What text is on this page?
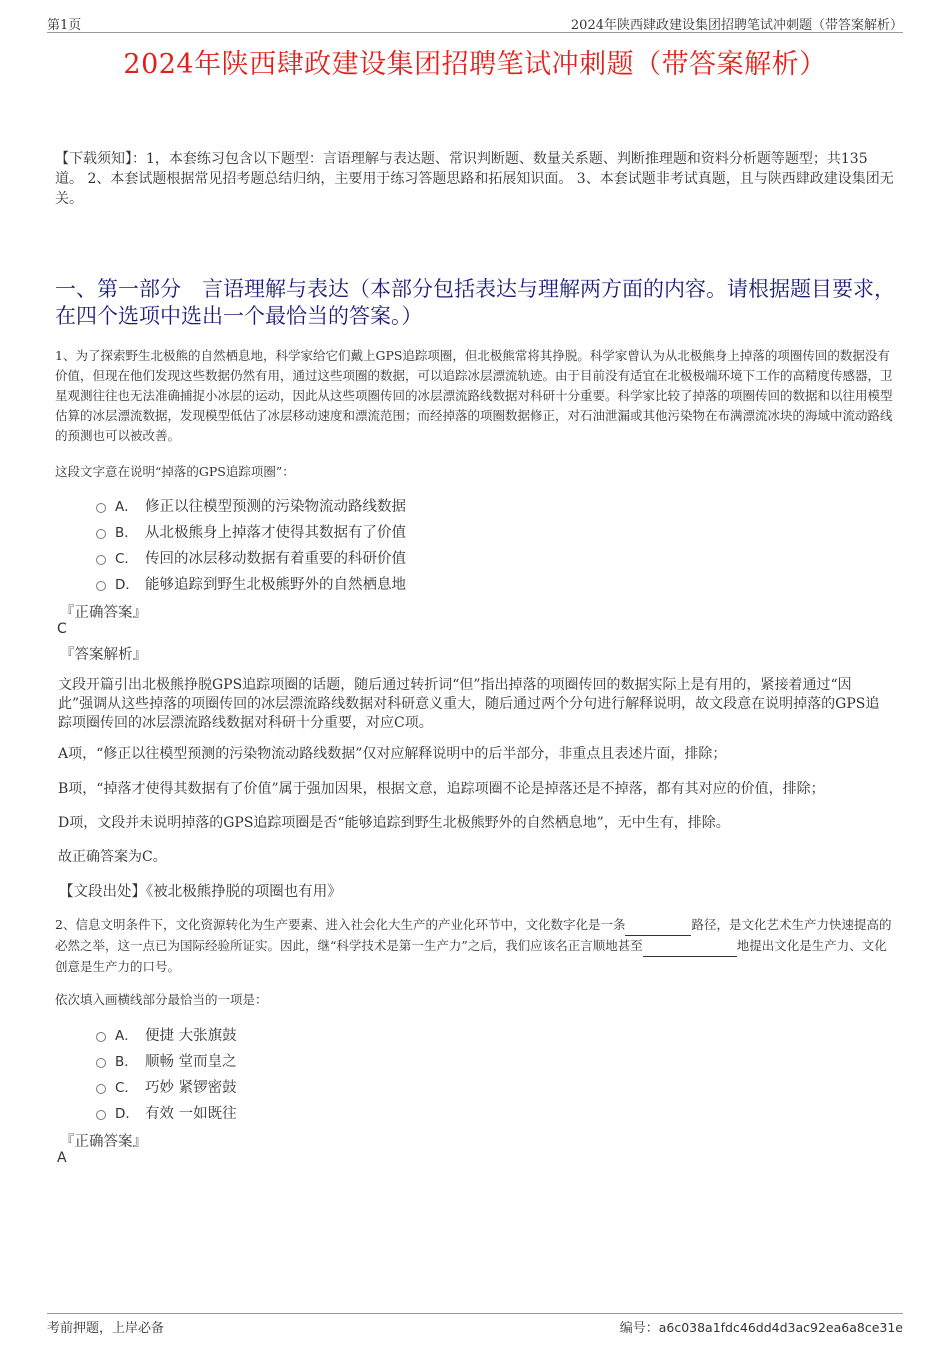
第1页	2024年陕西肆政建设集团招聘笔试冲刺题（带答案解析）
2024年陕西肆政建设集团招聘笔试冲刺题（带答案解析）
【下载须知】：1，本套练习包含以下题型：言语理解与表达题、常识判断题、数量关系题、判断推理题和资料分析题等题型；共135道。 2、本套试题根据常见招考题总结归纳，主要用于练习答题思路和拓展知识面。 3、本套试题非考试真题，且与陕西肆政建设集团无关。
一、第一部分　言语理解与表达（本部分包括表达与理解两方面的内容。请根据题目要求，在四个选项中选出一个最恰当的答案。）
1、为了探索野生北极熊的自然栖息地，科学家给它们戴上GPS追踪项圈，但北极熊常将其挣脱。科学家曾认为从北极熊身上掉落的项圈传回的数据没有价值，但现在他们发现这些数据仍然有用，通过这些项圈的数据，可以追踪冰层漂流轨迹。由于目前没有适宜在北极极端环境下工作的高精度传感器，卫星观测往往也无法准确捕捉小冰层的运动，因此从这些项圈传回的冰层漂流路线数据对科研十分重要。科学家比较了掉落的项圈传回的数据和以往用模型估算的冰层漂流数据，发现模型低估了冰层移动速度和漂流范围；而经掉落的项圈数据修正，对石油泄漏或其他污染物在布满漂流冰块的海域中流动路线的预测也可以被改善。
这段文字意在说明“掉落的GPS追踪项圈”：
A． 修正以往模型预测的污染物流动路线数据
B． 从北极熊身上掉落才使得其数据有了价值
C． 传回的冰层移动数据有着重要的科研价值
D． 能够追踪到野生北极熊野外的自然栖息地
『正确答案』
C
『答案解析』
文段开篇引出北极熊挣脱GPS追踪项圈的话题，随后通过转折词“但”指出掉落的项圈传回的数据实际上是有用的，紧接着通过“因此”强调从这些掉落的项圈传回的冰层漂流路线数据对科研意义重大，随后通过两个分句进行解释说明，故文段意在说明掉落的GPS追踪项圈传回的冰层漂流路线数据对科研十分重要，对应C项。
A项，“修正以往模型预测的污染物流动路线数据”仅对应解释说明中的后半部分，非重点且表述片面，排除；
B项，“掉落才使得其数据有了价值”属于强加因果，根据文意，追踪项圈不论是掉落还是不掉落，都有其对应的价值，排除；
D项，文段并未说明掉落的GPS追踪项圈是否“能够追踪到野生北极熊野外的自然栖息地”，无中生有，排除。
故正确答案为C。
【文段出处】《被北极熊挣脱的项圈也有用》
2、信息文明条件下，文化资源转化为生产要素、进入社会化大生产的产业化环节中，文化数字化是一条	路径，是文化艺术生产力快速提高的必然之举，这一点已为国际经验所证实。因此，继“科学技术是第一生产力”之后，我们应该名正言顺地甚至	地提出文化是生产力、文化创意是生产力的口号。
依次填入画横线部分最恰当的一项是：
A． 便捷 大张旗鼓
B． 顺畅 堂而皇之
C． 巧妙 紧锣密鼓
D． 有效 一如既往
『正确答案』
A
考前押题，上岸必备	编号：a6c038a1fdc46dd4d3ac92ea6a8ce31e
